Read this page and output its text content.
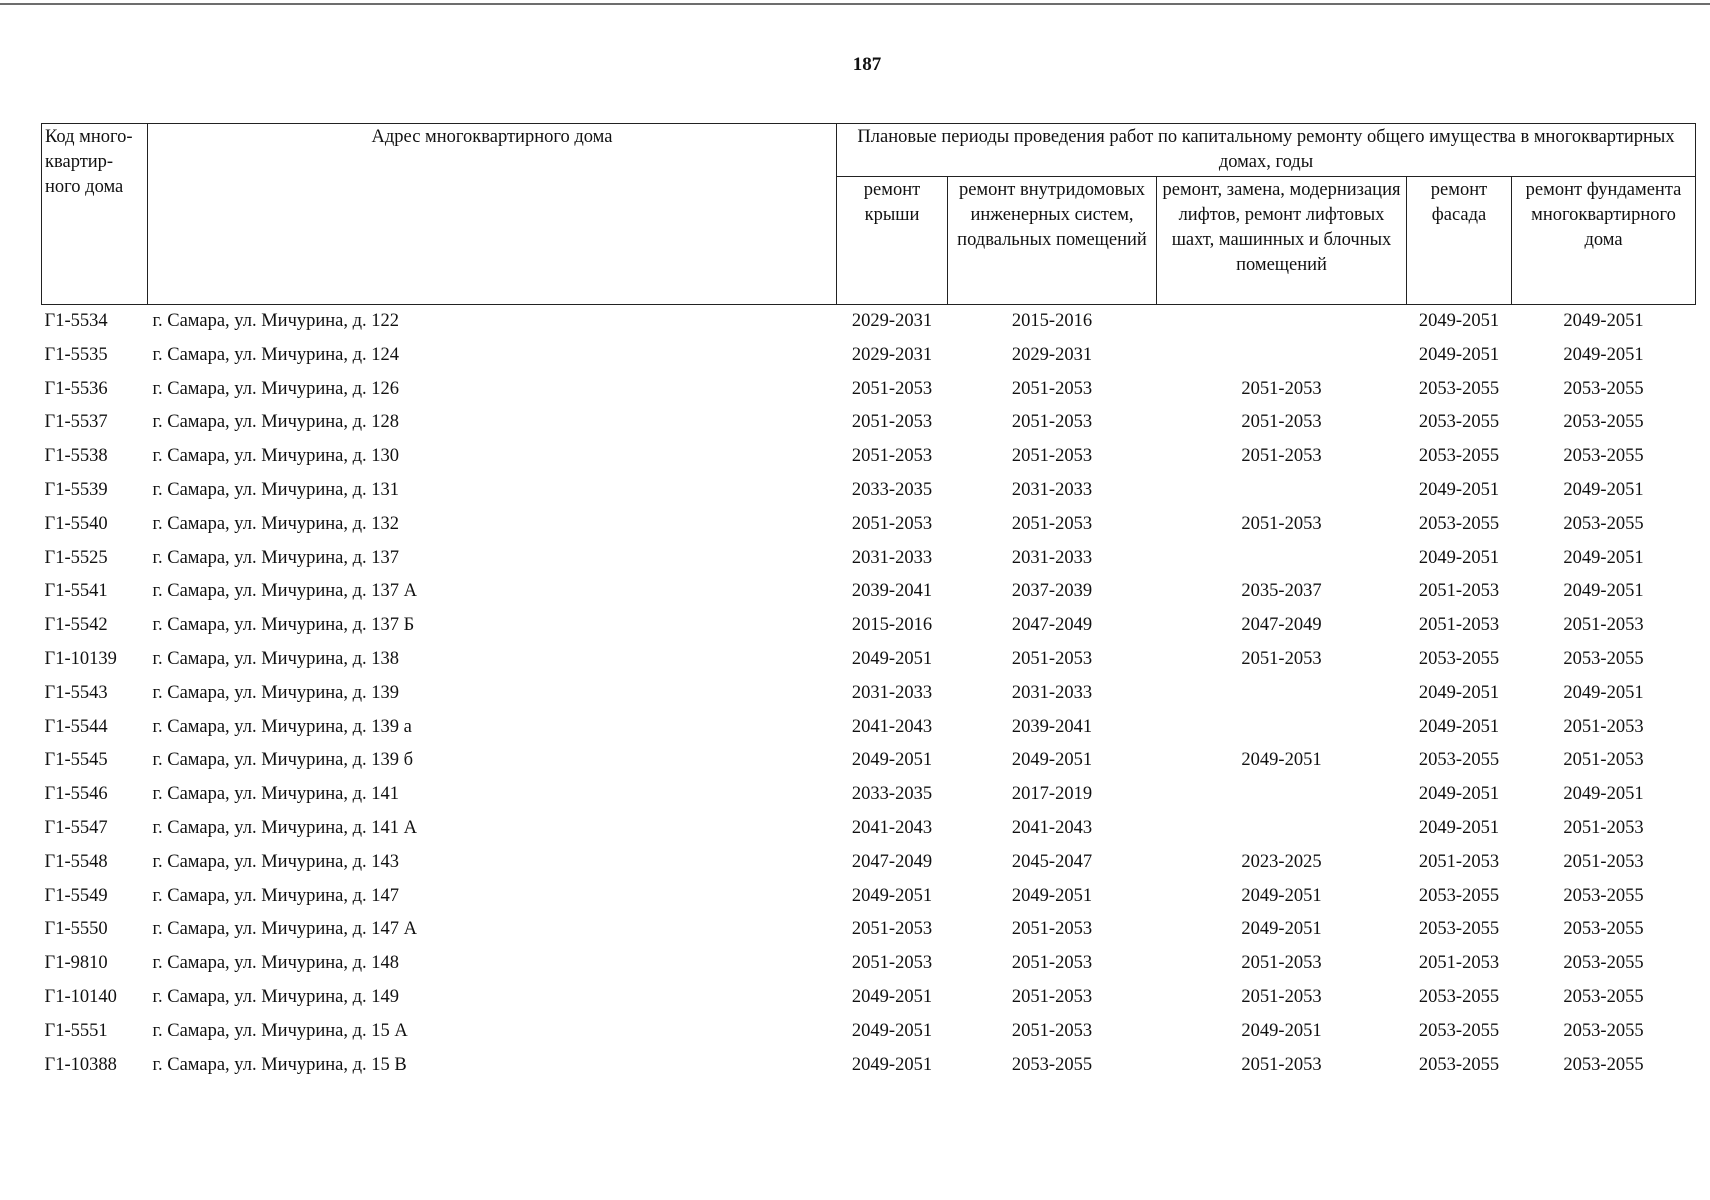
187
Код много-квартир-ного дома	Адрес многоквартирного дома	Плановые периоды проведения работ по капитальному ремонту общего имущества в многоквартирных домах, годы				
		ремонт крыши	ремонт внутридомовых инженерных систем, подвальных помещений	ремонт, замена, модернизация лифтов, ремонт лифтовых шахт, машинных и блочных помещений	ремонт фасада	ремонт фундамента многоквартирного дома
Г1-5534	г. Самара, ул. Мичурина, д. 122	2029-2031	2015-2016		2049-2051	2049-2051
Г1-5535	г. Самара, ул. Мичурина, д. 124	2029-2031	2029-2031		2049-2051	2049-2051
Г1-5536	г. Самара, ул. Мичурина, д. 126	2051-2053	2051-2053	2051-2053	2053-2055	2053-2055
Г1-5537	г. Самара, ул. Мичурина, д. 128	2051-2053	2051-2053	2051-2053	2053-2055	2053-2055
Г1-5538	г. Самара, ул. Мичурина, д. 130	2051-2053	2051-2053	2051-2053	2053-2055	2053-2055
Г1-5539	г. Самара, ул. Мичурина, д. 131	2033-2035	2031-2033		2049-2051	2049-2051
Г1-5540	г. Самара, ул. Мичурина, д. 132	2051-2053	2051-2053	2051-2053	2053-2055	2053-2055
Г1-5525	г. Самара, ул. Мичурина, д. 137	2031-2033	2031-2033		2049-2051	2049-2051
Г1-5541	г. Самара, ул. Мичурина, д. 137 А	2039-2041	2037-2039	2035-2037	2051-2053	2049-2051
Г1-5542	г. Самара, ул. Мичурина, д. 137 Б	2015-2016	2047-2049	2047-2049	2051-2053	2051-2053
Г1-10139	г. Самара, ул. Мичурина, д. 138	2049-2051	2051-2053	2051-2053	2053-2055	2053-2055
Г1-5543	г. Самара, ул. Мичурина, д. 139	2031-2033	2031-2033		2049-2051	2049-2051
Г1-5544	г. Самара, ул. Мичурина, д. 139 а	2041-2043	2039-2041		2049-2051	2051-2053
Г1-5545	г. Самара, ул. Мичурина, д. 139 б	2049-2051	2049-2051	2049-2051	2053-2055	2051-2053
Г1-5546	г. Самара, ул. Мичурина, д. 141	2033-2035	2017-2019		2049-2051	2049-2051
Г1-5547	г. Самара, ул. Мичурина, д. 141 А	2041-2043	2041-2043		2049-2051	2051-2053
Г1-5548	г. Самара, ул. Мичурина, д. 143	2047-2049	2045-2047	2023-2025	2051-2053	2051-2053
Г1-5549	г. Самара, ул. Мичурина, д. 147	2049-2051	2049-2051	2049-2051	2053-2055	2053-2055
Г1-5550	г. Самара, ул. Мичурина, д. 147 А	2051-2053	2051-2053	2049-2051	2053-2055	2053-2055
Г1-9810	г. Самара, ул. Мичурина, д. 148	2051-2053	2051-2053	2051-2053	2051-2053	2053-2055
Г1-10140	г. Самара, ул. Мичурина, д. 149	2049-2051	2051-2053	2051-2053	2053-2055	2053-2055
Г1-5551	г. Самара, ул. Мичурина, д. 15 А	2049-2051	2051-2053	2049-2051	2053-2055	2053-2055
Г1-10388	г. Самара, ул. Мичурина, д. 15 В	2049-2051	2053-2055	2051-2053	2053-2055	2053-2055
